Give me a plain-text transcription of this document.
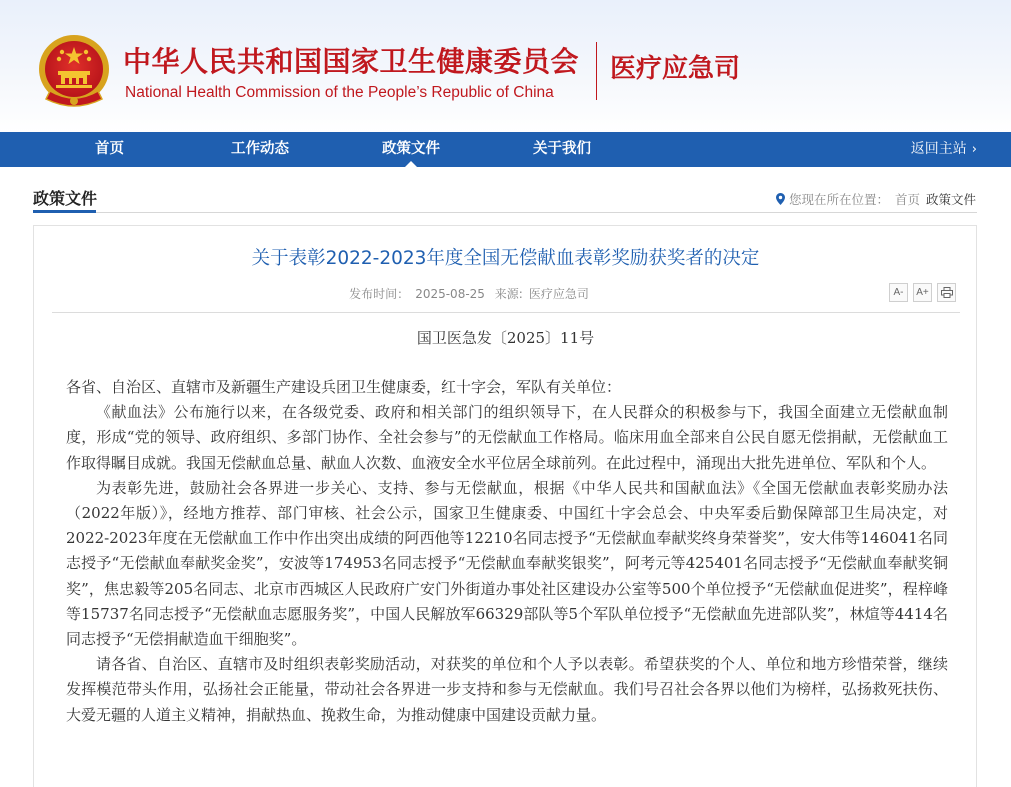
中华人民共和国国家卫生健康委员会
National Health Commission of the People’s Republic of China
医疗应急司
首页	工作动态	政策文件	关于我们	返回主站 ›
政策文件	您现在所在位置： 首页 政策文件
关于表彰2022-2023年度全国无偿献血表彰奖励获奖者的决定
发布时间： 2025-08-25 来源: 医疗应急司	A-	A+
国卫医急发〔2025〕11号

各省、自治区、直辖市及新疆生产建设兵团卫生健康委，红十字会，军队有关单位：

《献血法》公布施行以来，在各级党委、政府和相关部门的组织领导下，在人民群众的积极参与下，我国全面建立无偿献血制度，形成“党的领导、政府组织、多部门协作、全社会参与”的无偿献血工作格局。临床用血全部来自公民自愿无偿捐献，无偿献血工作取得瞩目成就。我国无偿献血总量、献血人次数、血液安全水平位居全球前列。在此过程中，涌现出大批先进单位、军队和个人。

为表彰先进，鼓励社会各界进一步关心、支持、参与无偿献血，根据《中华人民共和国献血法》《全国无偿献血表彰奖励办法（2022年版）》，经地方推荐、部门审核、社会公示，国家卫生健康委、中国红十字会总会、中央军委后勤保障部卫生局决定，对2022-2023年度在无偿献血工作中作出突出成绩的阿西他等12210名同志授予“无偿献血奉献奖终身荣誉奖”，安大伟等146041名同志授予“无偿献血奉献奖金奖”，安波等174953名同志授予“无偿献血奉献奖银奖”，阿考元等425401名同志授予“无偿献血奉献奖铜奖”，焦忠毅等205名同志、北京市西城区人民政府广安门外街道办事处社区建设办公室等500个单位授予“无偿献血促进奖”，程梓峰等15737名同志授予“无偿献血志愿服务奖”，中国人民解放军66329部队等5个军队单位授予“无偿献血先进部队奖”，林煊等4414名同志授予“无偿捐献造血干细胞奖”。

请各省、自治区、直辖市及时组织表彰奖励活动，对获奖的单位和个人予以表彰。希望获奖的个人、单位和地方珍惜荣誉，继续发挥模范带头作用，弘扬社会正能量，带动社会各界进一步支持和参与无偿献血。我们号召社会各界以他们为榜样，弘扬救死扶伤、大爱无疆的人道主义精神，捐献热血、挽救生命，为推动健康中国建设贡献力量。
